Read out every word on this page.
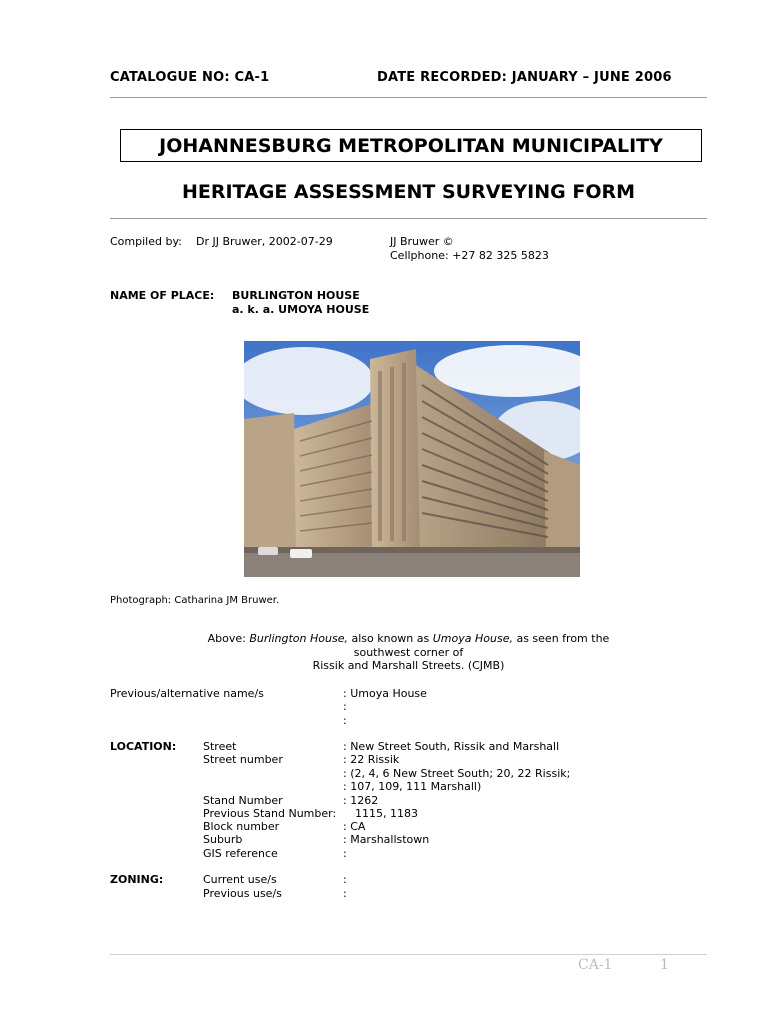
CATALOGUE NO: CA-1	DATE RECORDED: JANUARY – JUNE 2006
JOHANNESBURG METROPOLITAN MUNICIPALITY
HERITAGE ASSESSMENT SURVEYING FORM
Compiled by: Dr JJ Bruwer, 2002-07-29	JJ Bruwer ©
Cellphone: +27 82 325 5823
NAME OF PLACE: BURLINGTON HOUSE
a. k. a. UMOYA HOUSE
Photograph: Catharina JM Bruwer.
Above: Burlington House, also known as Umoya House, as seen from the
southwest corner of
Rissik and Marshall Streets. (CJMB)
Previous/alternative name/s	: Umoya House
:
:
LOCATION: Street	: New Street South, Rissik and Marshall
Street number	: 22 Rissik
: (2, 4, 6 New Street South; 20, 22 Rissik;
: 107, 109, 111 Marshall)
Stand Number	: 1262
Previous Stand Number: 1115, 1183
Block number	: CA
Suburb	: Marshallstown
GIS reference	:
ZONING:	Current use/s	:
Previous use/s	:
CA-1	1
